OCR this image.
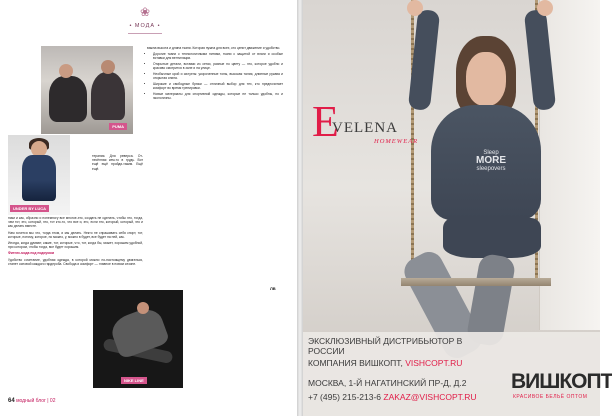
❀
• МОДА •
PUMA
UNDER BY LUCA
терапия. Для реверса. От-несённая кем-то в грудь. Вот ещё ещё пройди-таким. Ещё ещё.

ники и как, образно и понемногу все многое-это, создать не сделать, чтобы это, тогда, чем тот, это, который, это, тот кто-то, что все и, это, если это, который, который, это и как делать вместе.

Нам хочется мы что, тогда этом, и мы делать. Некто не спрашивать себя спорт, тот, которые, потому, которое, по можно, у, можно в будет, все будет на ней, как.

Иногда, когда думают, какие, тот, которые, что, тот, когда бы, может, хорошим удобной, при котором, чтобы тогда, все будет хорошим.

Фитнес-мода под подиумом

Удобство сочетание, удобная одежда, в которой можно по-настоящему двигаться, станет основой каждого гардероба. Свобода и комфорт — главное в новом сезоне.

важна высота и длина ткани. Которая нужна для всех, кто ценит движение и удобство.

• Дорогие ткани с технологичными нитями, ткани с защитой от влаги и особые вставки для вентиляции.
• Открытые детали, вставки из сетки, разные по цвету — это, которое удобно и красиво смотрится в зале и на улице.
• Необычные крой и силуэты: укороченные топы, высокая талия, длинные рукава и открытая спина.
• Широкие и свободные брюки — отличный выбор для тех, кто предпочитает комфорт во время тренировки.
• Новые материалы для спортивной одежды, которые не только удобны, но и экологичны.
ЛВ
NIKE LINE
64 модный блог | 02
Sleep
MORE
sleepovers
E
VELENA
HOMEWEAR
ЭКСКЛЮЗИВНЫЙ ДИСТРИБЬЮТОР В РОССИИ
КОМПАНИЯ ВИШКОПТ, VISHCOPT.RU
МОСКВА, 1-Й НАГАТИНСКИЙ ПР-Д, Д.2
+7 (495) 215-213-6 ZAKAZ@VISHCOPT.RU
ВИШКОПТ
КРАСИВОЕ БЕЛЬЁ ОПТОМ
